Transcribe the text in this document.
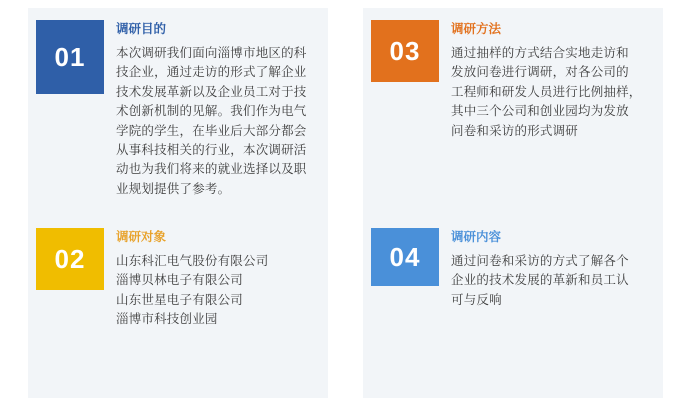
01
调研目的
本次调研我们面向淄博市地区的科
技企业，通过走访的形式了解企业
技术发展革新以及企业员工对于技
术创新机制的见解。我们作为电气
学院的学生，在毕业后大部分都会
从事科技相关的行业，本次调研活
动也为我们将来的就业选择以及职
业规划提供了参考。
02
调研对象
山东科汇电气股份有限公司
淄博贝林电子有限公司
山东世星电子有限公司
淄博市科技创业园
03
调研方法
通过抽样的方式结合实地走访和
发放问卷进行调研，对各公司的
工程师和研发人员进行比例抽样，
其中三个公司和创业园均为发放
问卷和采访的形式调研
04
调研内容
通过问卷和采访的方式了解各个
企业的技术发展的革新和员工认
可与反响
